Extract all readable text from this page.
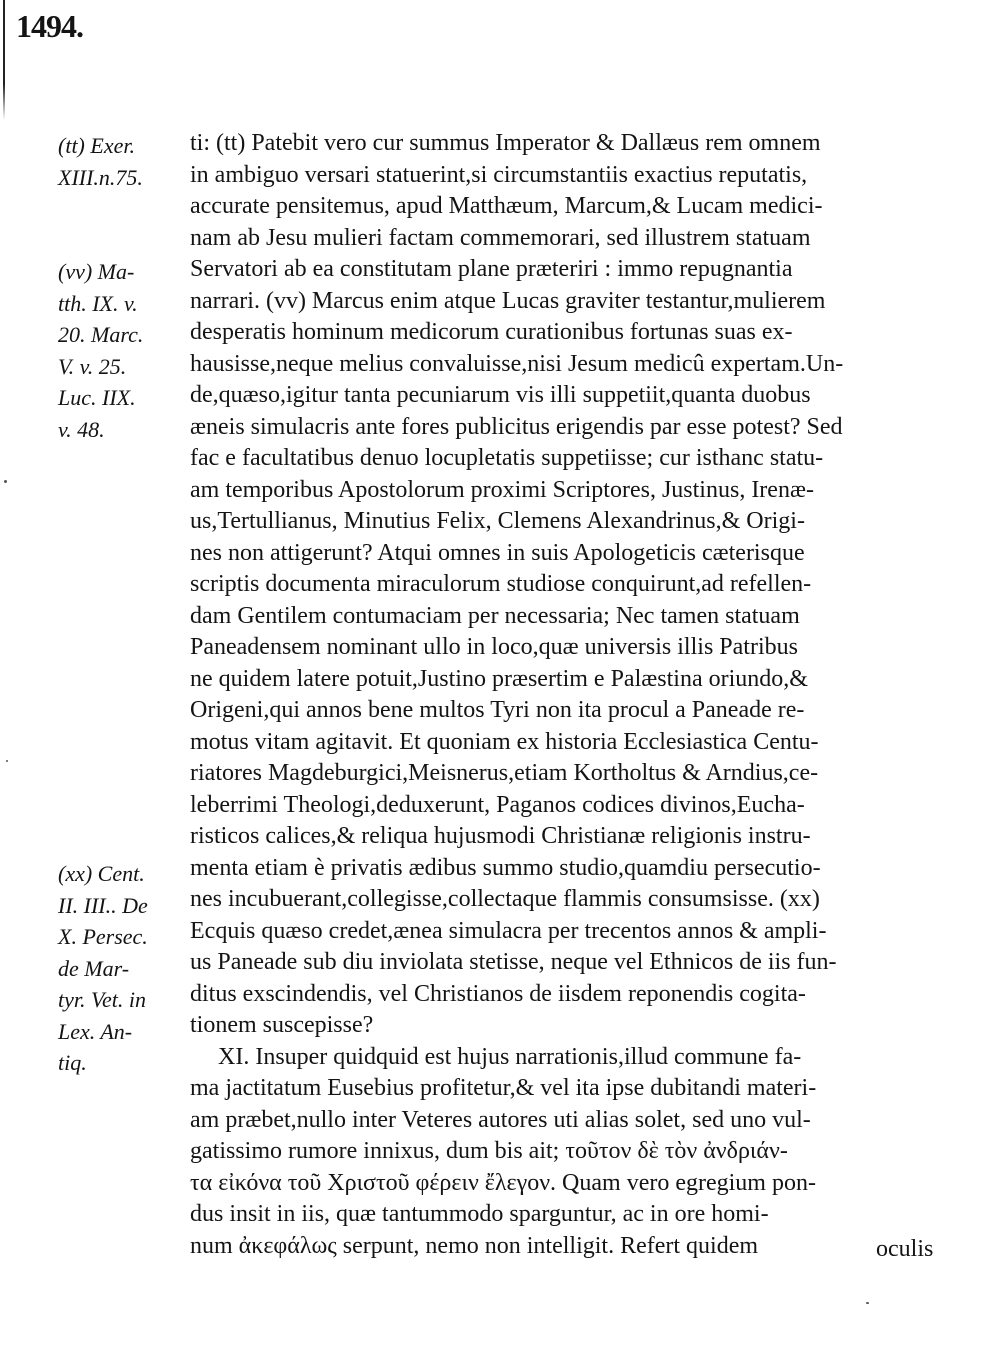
1494.
(tt) Exer.
XIII.n.75.
(vv) Ma-
tth. IX. v.
20. Marc.
V. v. 25.
Luc. IIX.
v. 48.
(xx) Cent.
II. III.. De
X. Persec.
de Mar-
tyr. Vet. in
Lex. An-
tiq.
ti: (tt) Patebit vero cur summus Imperator & Dallæus rem omnem
in ambiguo versari statuerint,si circumstantiis exactius reputatis,
accurate pensitemus, apud Matthæum, Marcum,& Lucam medici-
nam ab Jesu mulieri factam commemorari, sed illustrem statuam
Servatori ab ea constitutam plane præteriri : immo repugnantia
narrari. (vv) Marcus enim atque Lucas graviter testantur,mulierem
desperatis hominum medicorum curationibus fortunas suas ex-
hausisse,neque melius convaluisse,nisi Jesum medicû expertam.Un-
de,quæso,igitur tanta pecuniarum vis illi suppetiit,quanta duobus
æneis simulacris ante fores publicitus erigendis par esse potest? Sed
fac e facultatibus denuo locupletatis suppetiisse; cur isthanc statu-
am temporibus Apostolorum proximi Scriptores, Justinus, Irenæ-
us,Tertullianus, Minutius Felix, Clemens Alexandrinus,& Origi-
nes non attigerunt? Atqui omnes in suis Apologeticis cæterisque
scriptis documenta miraculorum studiose conquirunt,ad refellen-
dam Gentilem contumaciam per necessaria; Nec tamen statuam
Paneadensem nominant ullo in loco,quæ universis illis Patribus
ne quidem latere potuit,Justino præsertim e Palæstina oriundo,&
Origeni,qui annos bene multos Tyri non ita procul a Paneade re-
motus vitam agitavit. Et quoniam ex historia Ecclesiastica Centu-
riatores Magdeburgici,Meisnerus,etiam Kortholtus & Arndius,ce-
leberrimi Theologi,deduxerunt, Paganos codices divinos,Eucha-
risticos calices,& reliqua hujusmodi Christianæ religionis instru-
menta etiam è privatis ædibus summo studio,quamdiu persecutio-
nes incubuerant,collegisse,collectaque flammis consumsisse. (xx)
Ecquis quæso credet,ænea simulacra per trecentos annos & ampli-
us Paneade sub diu inviolata stetisse, neque vel Ethnicos de iis fun-
ditus exscindendis, vel Christianos de iisdem reponendis cogita-
tionem suscepisse?
XI. Insuper quidquid est hujus narrationis,illud commune fa-
ma jactitatum Eusebius profitetur,& vel ita ipse dubitandi materi-
am præbet,nullo inter Veteres autores uti alias solet, sed uno vul-
gatissimo rumore innixus, dum bis ait; τοῦτον δὲ τὸν ἀνδριάν-
τα εἰκόνα τοῦ Χριστοῦ φέρειν ἔλεγον. Quam vero egregium pon-
dus insit in iis, quæ tantummodo sparguntur, ac in ore homi-
num ἀκεφάλως serpunt, nemo non intelligit. Refert quidem	oculis
